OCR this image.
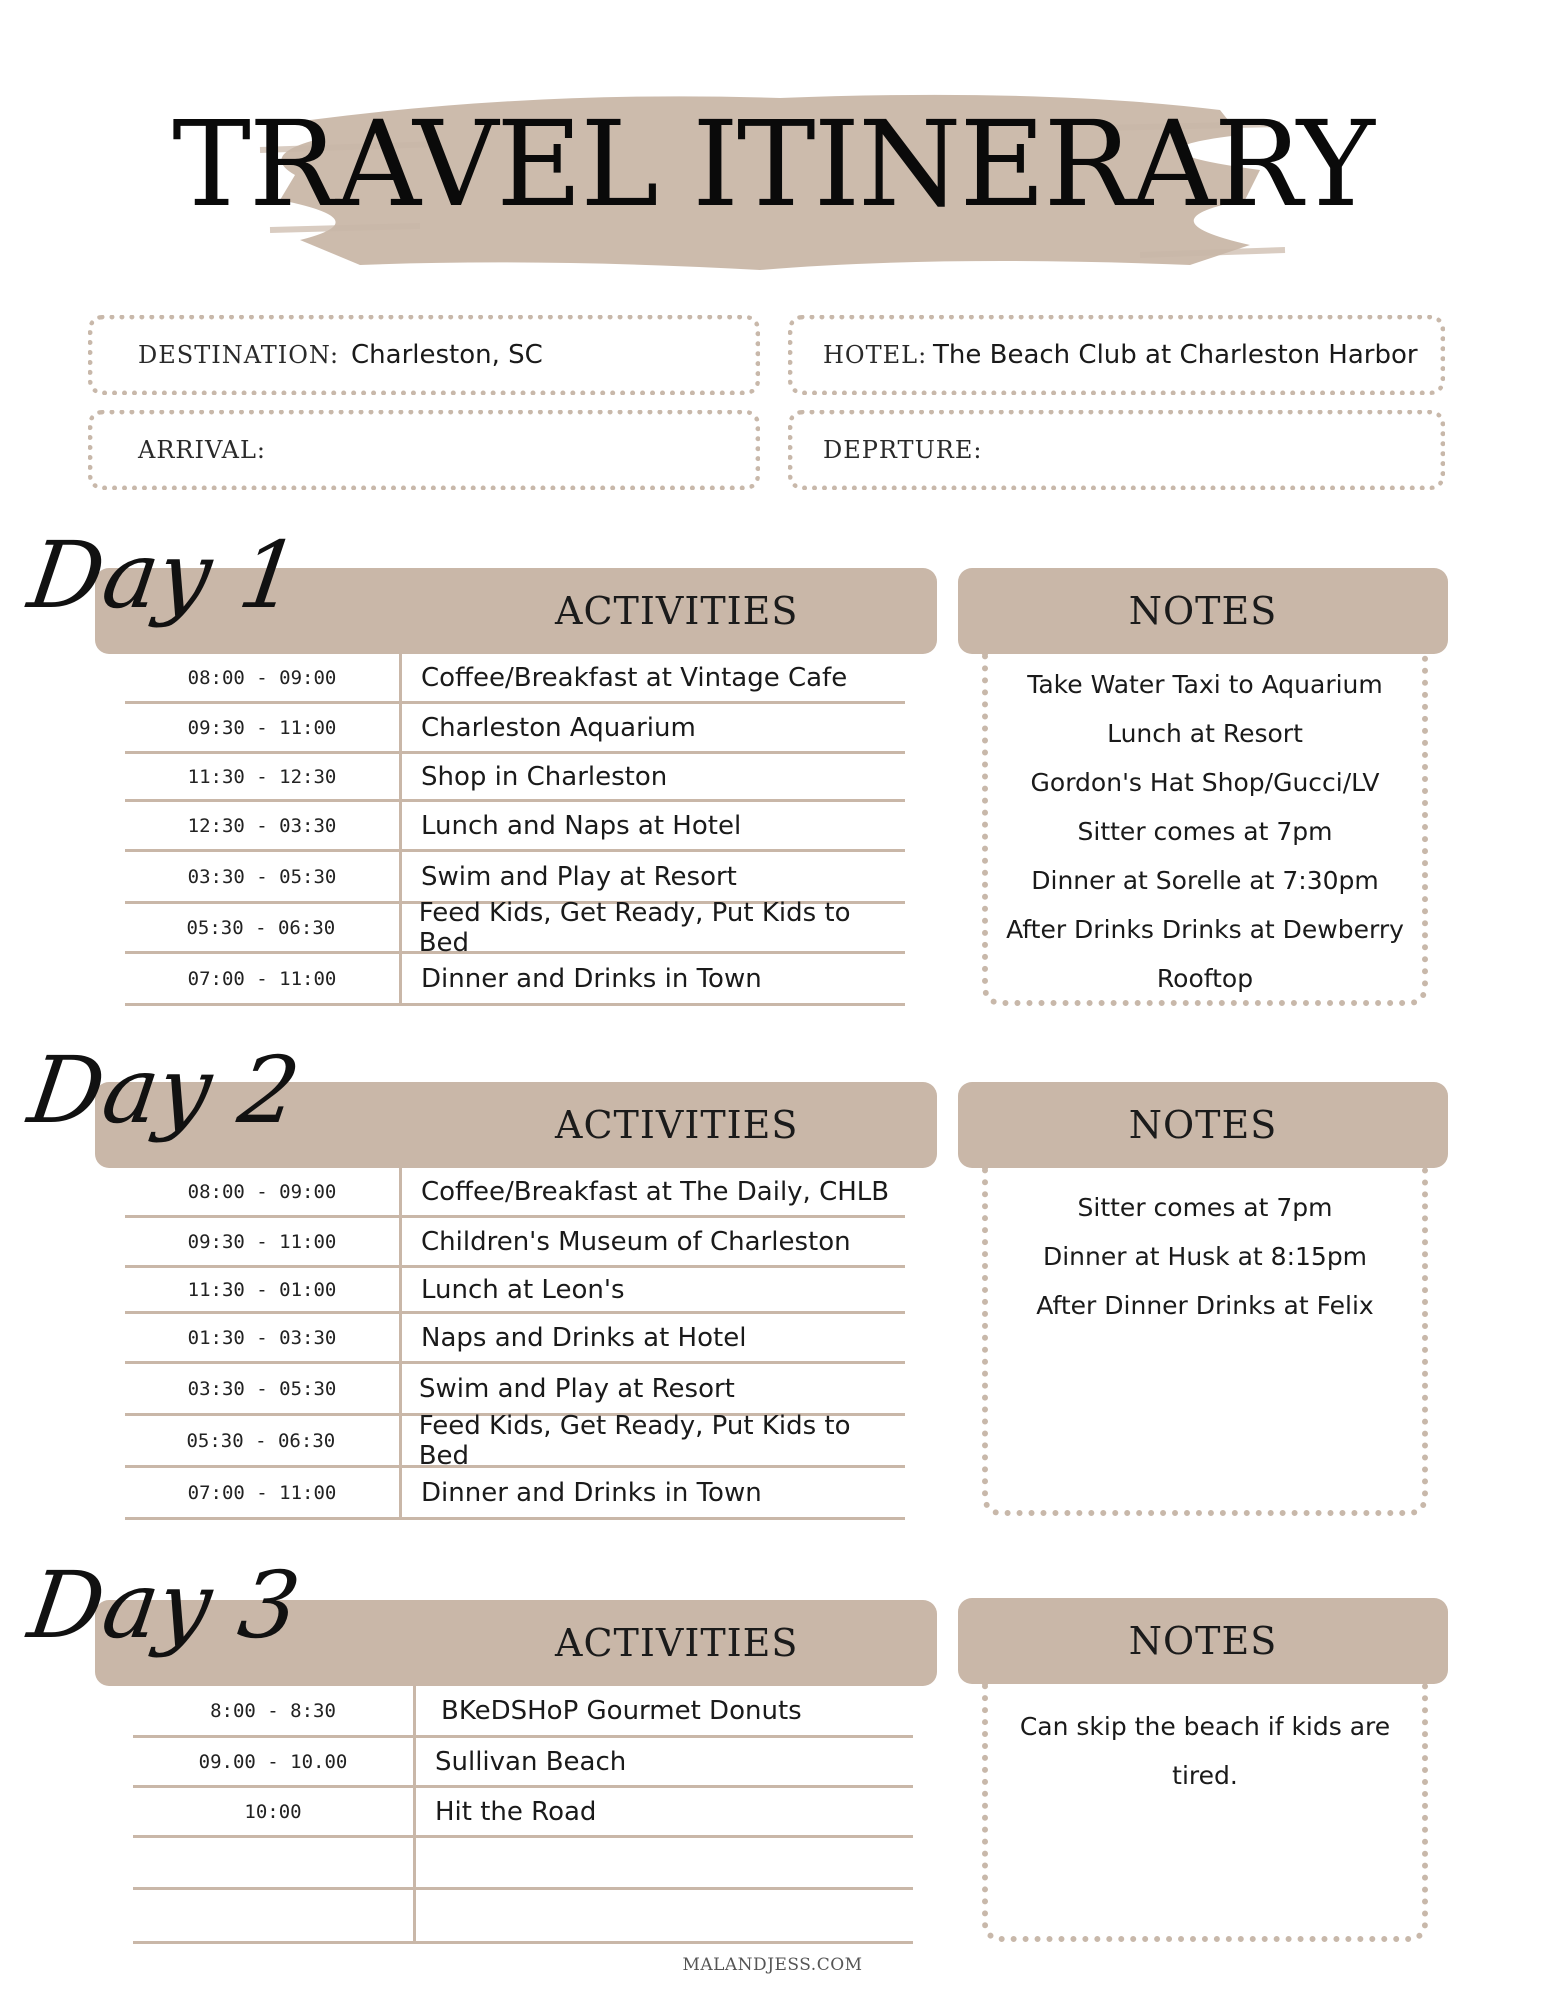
TRAVEL ITINERARY
DESTINATION: Charleston, SC	HOTEL: The Beach Club at Charleston Harbor
ARRIVAL:	DEPRTURE:
ACTIVITIES
Day 1	NOTES
Take Water Taxi to Aquarium
Lunch at Resort
Gordon's Hat Shop/Gucci/LV
Sitter comes at 7pm
Dinner at Sorelle at 7:30pm
After Drinks Drinks at Dewberry
Rooftop
08:00 - 09:00	Coffee/Breakfast at Vintage Cafe
09:30 - 11:00	Charleston Aquarium
11:30 - 12:30	Shop in Charleston
12:30 - 03:30	Lunch and Naps at Hotel
03:30 - 05:30	Swim and Play at Resort
05:30 - 06:30	Feed Kids, Get Ready, Put Kids to Bed
07:00 - 11:00	Dinner and Drinks in Town
ACTIVITIES
Day 2	NOTES
Sitter comes at 7pm
Dinner at Husk at 8:15pm
After Dinner Drinks at Felix
08:00 - 09:00	Coffee/Breakfast at The Daily, CHLB
09:30 - 11:00	Children's Museum of Charleston
11:30 - 01:00	Lunch at Leon's
01:30 - 03:30	Naps and Drinks at Hotel
03:30 - 05:30	Swim and Play at Resort
05:30 - 06:30	Feed Kids, Get Ready, Put Kids to Bed
07:00 - 11:00	Dinner and Drinks in Town
ACTIVITIES
Day 3	NOTES
Can skip the beach if kids are
tired.
8:00 - 8:30	BKeDSHoP Gourmet Donuts
09.00 - 10.00	Sullivan Beach
10:00	Hit the Road
MALANDJESS.COM
